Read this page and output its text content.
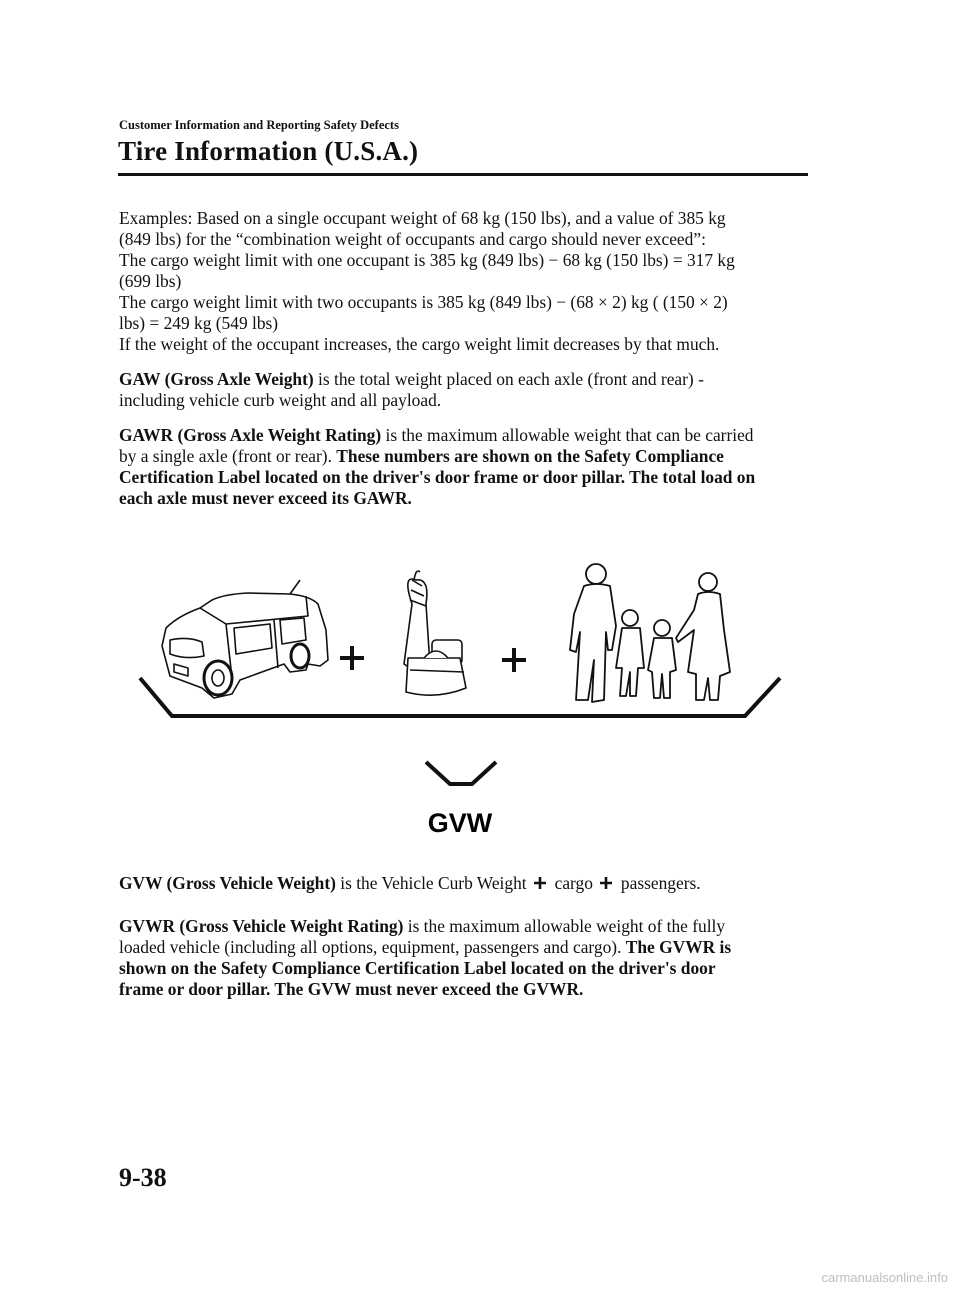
Customer Information and Reporting Safety Defects
Tire Information (U.S.A.)

Examples: Based on a single occupant weight of 68 kg (150 lbs), and a value of 385 kg
(849 lbs) for the “combination weight of occupants and cargo should never exceed”:
The cargo weight limit with one occupant is 385 kg (849 lbs) − 68 kg (150 lbs) = 317 kg
(699 lbs)
The cargo weight limit with two occupants is 385 kg (849 lbs) − (68 × 2) kg ( (150 × 2)
lbs) = 249 kg (549 lbs)
If the weight of the occupant increases, the cargo weight limit decreases by that much.

GAW (Gross Axle Weight) is the total weight placed on each axle (front and rear) -
including vehicle curb weight and all payload.

GAWR (Gross Axle Weight Rating) is the maximum allowable weight that can be carried
by a single axle (front or rear). These numbers are shown on the Safety Compliance
Certification Label located on the driver's door frame or door pillar. The total load on
each axle must never exceed its GAWR.

GVW
GVW (Gross Vehicle Weight) is the Vehicle Curb Weight cargo passengers.
GVWR (Gross Vehicle Weight Rating) is the maximum allowable weight of the fully
loaded vehicle (including all options, equipment, passengers and cargo). The GVWR is
shown on the Safety Compliance Certification Label located on the driver's door
frame or door pillar. The GVW must never exceed the GVWR.
9-38
carmanualsonline.info
